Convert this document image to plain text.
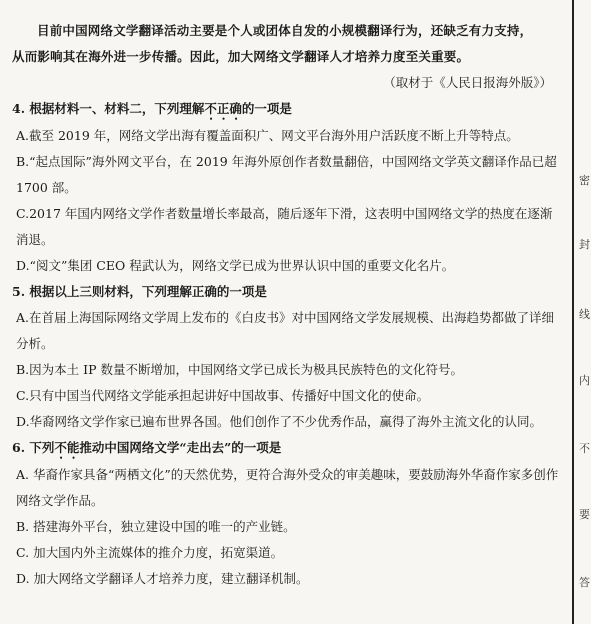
目前中国网络文学翻译活动主要是个人或团体自发的小规模翻译行为，还缺乏有力支持，

从而影响其在海外进一步传播。因此，加大网络文学翻译人才培养力度至关重要。

（取材于《人民日报海外版》）

4. 根据材料一、材料二，下列理解不正确的一项是

A.截至 2019 年，网络文学出海有覆盖面积广、网文平台海外用户活跃度不断上升等特点。

B.“起点国际”海外网文平台，在 2019 年海外原创作者数量翻倍，中国网络文学英文翻译作品已超 1700 部。

C.2017 年国内网络文学作者数量增长率最高，随后逐年下滑，这表明中国网络文学的热度在逐渐消退。

D.“阅文”集团 CEO 程武认为，网络文学已成为世界认识中国的重要文化名片。

5. 根据以上三则材料，下列理解正确的一项是

A.在首届上海国际网络文学周上发布的《白皮书》对中国网络文学发展规模、出海趋势都做了详细分析。

B.因为本土 IP 数量不断增加，中国网络文学已成长为极具民族特色的文化符号。

C.只有中国当代网络文学能承担起讲好中国故事、传播好中国文化的使命。

D.华裔网络文学作家已遍布世界各国。他们创作了不少优秀作品，赢得了海外主流文化的认同。

6. 下列不能推动中国网络文学“走出去”的一项是

A. 华裔作家具备“两栖文化”的天然优势，更符合海外受众的审美趣味，要鼓励海外华裔作家多创作网络文学作品。

B. 搭建海外平台，独立建设中国的唯一的产业链。

C. 加大国内外主流媒体的推介力度，拓宽渠道。

D. 加大网络文学翻译人才培养力度，建立翻译机制。

密
封
线
内
不
要
答
